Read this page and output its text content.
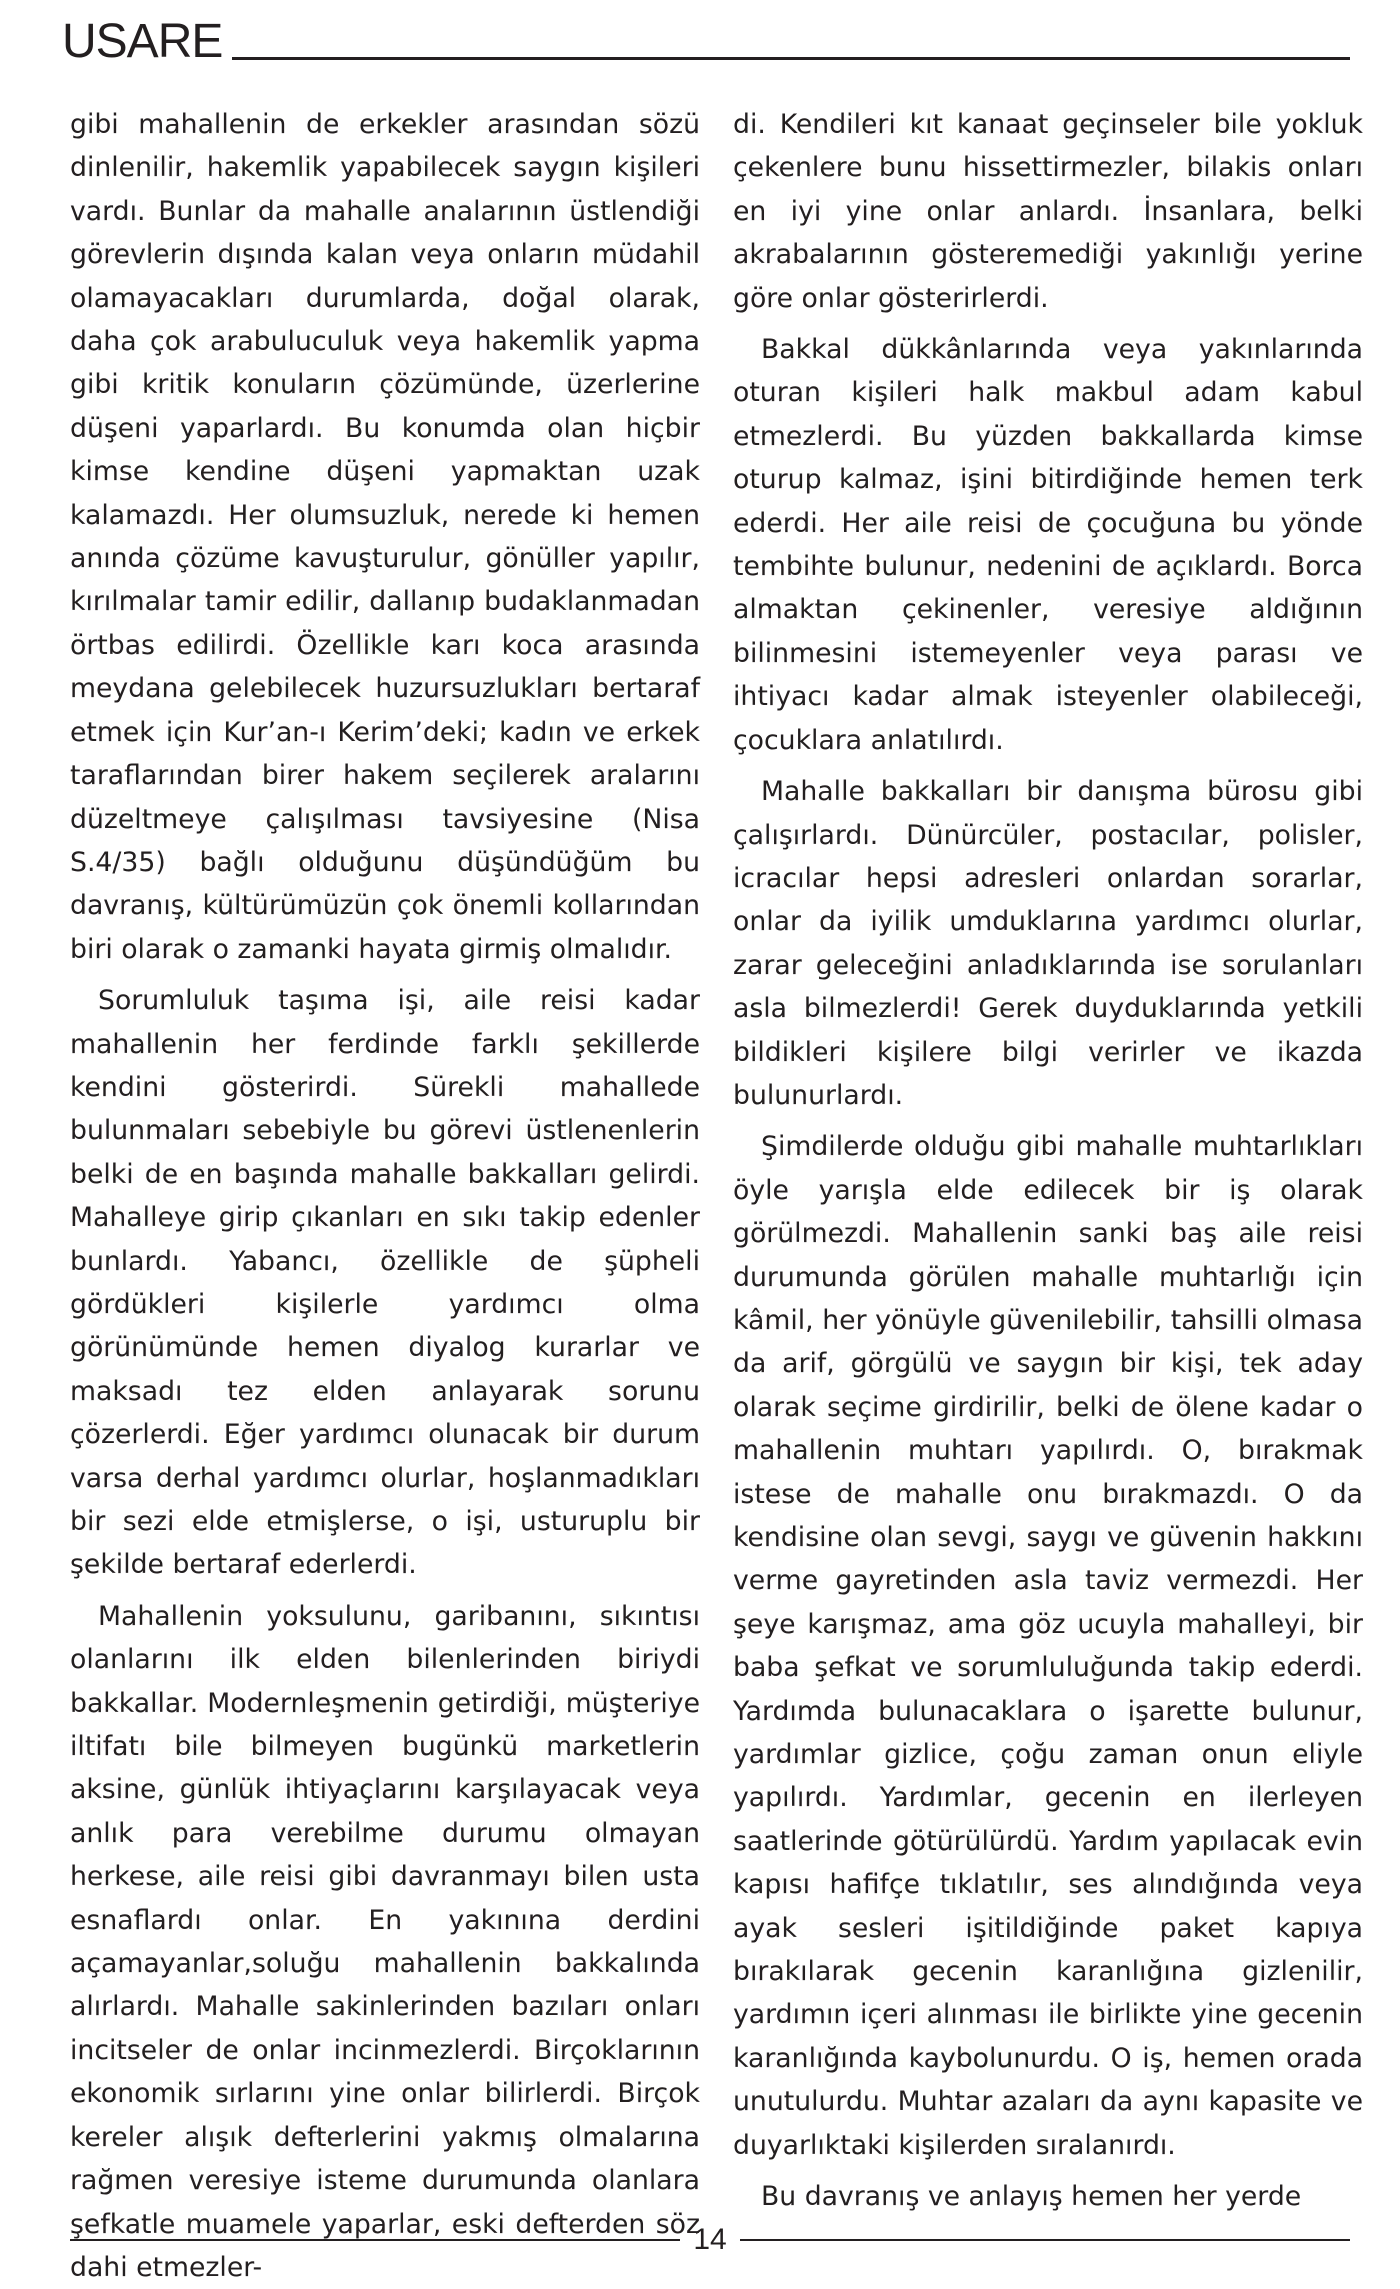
USARE

gibi mahallenin de erkekler arasından sözü dinlenilir, hakemlik yapabilecek saygın kişileri vardı. Bunlar da mahalle analarının üstlendiği görevlerin dışında kalan veya onların müdahil olamayacakları durumlarda, doğal olarak, daha çok arabuluculuk veya hakemlik yapma gibi kritik konuların çözümünde, üzerlerine düşeni yaparlardı. Bu konumda olan hiçbir kimse kendine düşeni yapmaktan uzak kalamazdı. Her olumsuzluk, nerede ki hemen anında çözüme kavuşturulur, gönüller yapılır, kırılmalar tamir edilir, dallanıp budaklanmadan örtbas edilirdi. Özellikle karı koca arasında meydana gelebilecek huzursuzlukları bertaraf etmek için Kur’an-ı Kerim’deki; kadın ve erkek taraflarından birer hakem seçilerek aralarını düzeltmeye çalışılması tavsiyesine (Nisa S.4/35) bağlı olduğunu düşündüğüm bu davranış, kültürümüzün çok önemli kollarından biri olarak o zamanki hayata girmiş olmalıdır.

Sorumluluk taşıma işi, aile reisi kadar mahallenin her ferdinde farklı şekillerde kendini gösterirdi. Sürekli mahallede bulunmaları sebebiyle bu görevi üstlenenlerin belki de en başında mahalle bakkalları gelirdi. Mahalleye girip çıkanları en sıkı takip edenler bunlardı. Yabancı, özellikle de şüpheli gördükleri kişilerle yardımcı olma görünümünde hemen diyalog kurarlar ve maksadı tez elden anlayarak sorunu çözerlerdi. Eğer yardımcı olunacak bir durum varsa derhal yardımcı olurlar, hoşlanmadıkları bir sezi elde etmişlerse, o işi, usturuplu bir şekilde bertaraf ederlerdi.

Mahallenin yoksulunu, garibanını, sıkıntısı olanlarını ilk elden bilenlerinden biriydi bakkallar. Modernleşmenin getirdiği, müşteriye iltifatı bile bilmeyen bugünkü marketlerin aksine, günlük ihtiyaçlarını karşılayacak veya anlık para verebilme durumu olmayan herkese, aile reisi gibi davranmayı bilen usta esnaflardı onlar. En yakınına derdini açamayanlar,soluğu mahallenin bakkalında alırlardı. Mahalle sakinlerinden bazıları onları incitseler de onlar incinmezlerdi. Birçoklarının ekonomik sırlarını yine onlar bilirlerdi. Birçok kereler alışık defterlerini yakmış olmalarına rağmen veresiye isteme durumunda olanlara şefkatle muamele yaparlar, eski defterden söz dahi etmezler-

di. Kendileri kıt kanaat geçinseler bile yokluk çekenlere bunu hissettirmezler, bilakis onları en iyi yine onlar anlardı. İnsanlara, belki akrabalarının gösteremediği yakınlığı yerine göre onlar gösterirlerdi.

Bakkal dükkânlarında veya yakınlarında oturan kişileri halk makbul adam kabul etmezlerdi. Bu yüzden bakkallarda kimse oturup kalmaz, işini bitirdiğinde hemen terk ederdi. Her aile reisi de çocuğuna bu yönde tembihte bulunur, nedenini de açıklardı. Borca almaktan çekinenler, veresiye aldığının bilinmesini istemeyenler veya parası ve ihtiyacı kadar almak isteyenler olabileceği, çocuklara anlatılırdı.

Mahalle bakkalları bir danışma bürosu gibi çalışırlardı. Dünürcüler, postacılar, polisler, icracılar hepsi adresleri onlardan sorarlar, onlar da iyilik umduklarına yardımcı olurlar, zarar geleceğini anladıklarında ise sorulanları asla bilmezlerdi! Gerek duyduklarında yetkili bildikleri kişilere bilgi verirler ve ikazda bulunurlardı.

Şimdilerde olduğu gibi mahalle muhtarlıkları öyle yarışla elde edilecek bir iş olarak görülmezdi. Mahallenin sanki baş aile reisi durumunda görülen mahalle muhtarlığı için kâmil, her yönüyle güvenilebilir, tahsilli olmasa da arif, görgülü ve saygın bir kişi, tek aday olarak seçime girdirilir, belki de ölene kadar o mahallenin muhtarı yapılırdı. O, bırakmak istese de mahalle onu bırakmazdı. O da kendisine olan sevgi, saygı ve güvenin hakkını verme gayretinden asla taviz vermezdi. Her şeye karışmaz, ama göz ucuyla mahalleyi, bir baba şefkat ve sorumluluğunda takip ederdi. Yardımda bulunacaklara o işarette bulunur, yardımlar gizlice, çoğu zaman onun eliyle yapılırdı. Yardımlar, gecenin en ilerleyen saatlerinde götürülürdü. Yardım yapılacak evin kapısı hafifçe tıklatılır, ses alındığında veya ayak sesleri işitildiğinde paket kapıya bırakılarak gecenin karanlığına gizlenilir, yardımın içeri alınması ile birlikte yine gecenin karanlığında kaybolunurdu. O iş, hemen orada unutulurdu. Muhtar azaları da aynı kapasite ve duyarlıktaki kişilerden sıralanırdı.

Bu davranış ve anlayış hemen her yerde

14
